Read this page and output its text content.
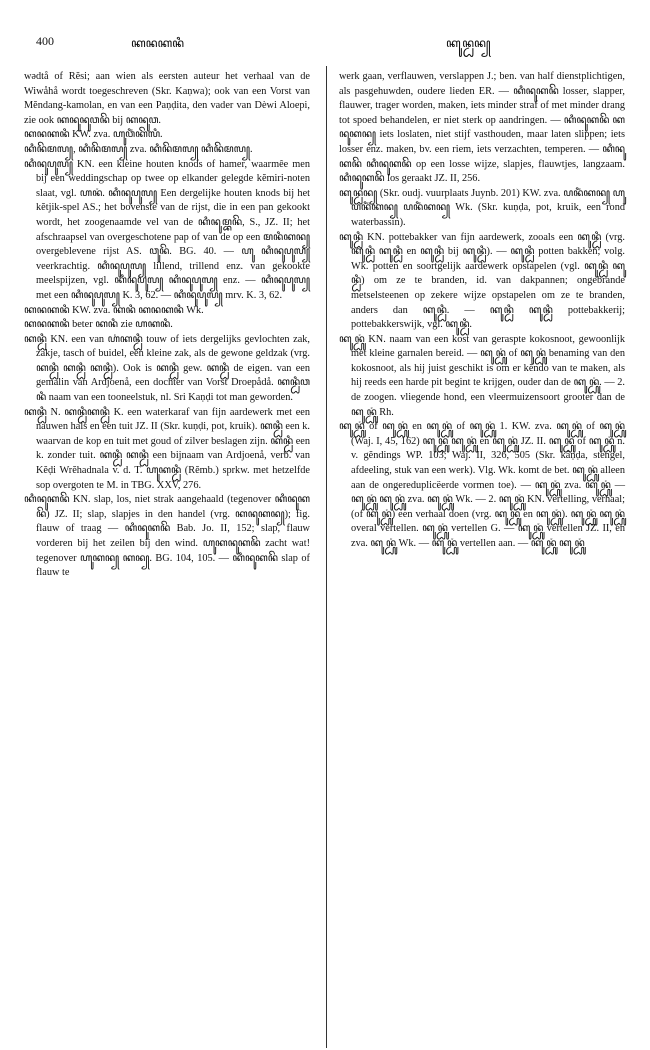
400	ꦏꦤꦏꦤꦶ	ꦏꦸꦤ꧀ꦝꦤ꧀

wədtå of Rĕsi; aan wien als eersten auteur het verhaal van de Wiwåhå wordt toegeschreven (Skr. Kaṇwa); ook van een Vorst van Mĕndang-kamolan, en van een Paṇḍita, den vader van Dèwi Aloepi, zie ook ꦏꦤꦸꦤꦸꦮꦤꦼ bij ꦏꦤꦸꦮ.

ꦏꦤꦏꦤꦶ KW. zva. ꦲꦸꦮꦶꦁꦏꦼꦭꦶ.

ꦏꦶꦤꦼꦩꦭ꧀, ꦏꦶꦤꦼꦩꦭ꧀ zva. ꦏꦶꦤꦼꦩꦭ꧀ ꦏꦶꦤꦼꦩꦭ꧀.

ꦏꦶꦤꦸꦥꦸꦭ꧀ KN. een kleine houten knods of hamer, waarmêe men bij een weddingschap op twee op elkander gelegde kĕmiri-noten slaat, vgl. ꦲꦤꦁ. ꦏꦶꦤꦸꦥꦸꦭ꧀ Een dergelijke houten knods bij het kĕtjik-spel AS.; het bovenste van de rijst, die in een pan gekookt wordt, het zoogenaamde vel van de ꦏꦶꦤꦸꦩ꧀ꦧꦤꦼ, S., JZ. II; het afschraapsel van overgeschotene pap of van de op een ꦩꦤꦶꦏꦤ꧀ overgeblevene rijst AS. ꦮꦸꦤꦼ. BG. 40. — ꦲꦸ ꦏꦶꦤꦸꦥꦸꦭ꧀ veerkrachtig. ꦏꦶꦤꦸꦥꦸꦭ꧀ lillend, trillend enz. van gekookte meelspijzen, vgl. ꦏꦶꦤꦸꦥꦸꦭ꧀ ꦏꦶꦤꦸꦥꦸꦭ꧀ enz. — ꦏꦶꦤꦸꦥꦸꦭ꧀ met een ꦏꦶꦤꦸꦥꦸꦭ꧀ K. 3, 62. — ꦏꦶꦤꦸꦥꦸꦭ꧀ mrv. K. 3, 62.

ꦏꦤꦏꦤꦶ KW. zva. ꦏꦤꦶ ꦏꦤꦏꦤꦶ Wk.

ꦏꦤꦏꦤꦶ beter ꦏꦤꦶ zie ꦲꦏꦤꦶ.

ꦏꦤ꧀ꦝꦶ KN. een van ꦲꦁꦏꦤ꧀ꦝꦶ touw of iets dergelijks gevlochten zak, zakje, tasch of buidel, een kleine zak, als de gewone geldzak (vrg. ꦏꦤ꧀ꦝꦶ ꦏꦤ꧀ꦝꦶ ꦏꦤ꧀ꦝꦶ). Ook is ꦏꦤ꧀ꦝꦶ gew. ꦏꦤ꧀ꦝꦶ de eigen. van een gemalin van Ardjoenå, een dochter van Vorst Droepådå. ꦏꦤ꧀ꦝꦶꦮꦤꦶ naam van een tooneelstuk, nl. Sri Kaṇḍi tot man geworden.

ꦏꦤ꧀ꦝꦶ N. ꦏꦤ꧀ꦝꦶꦏꦤ꧀ꦝꦶ K. een waterkaraf van fijn aardewerk met een nauwen hals en een tuit JZ. II (Skr. kuṇḍi, pot, kruik). ꦏꦤ꧀ꦝꦶ een k. waarvan de kop en tuit met goud of zilver beslagen zijn. ꦏꦤ꧀ꦝꦶ een k. zonder tuit. ꦏꦤ꧀ꦝꦶ ꦏꦤ꧀ꦝꦶ een bijnaam van Ardjoenå, verb. van Kĕḍi Wrĕhadnala v. d. T. ꦲꦸꦏꦤ꧀ꦝꦶ (Rĕmb.) sprkw. met hetzelfde sop overgoten te M. in TBG. XXV, 276.

ꦏꦶꦤꦸꦏꦤꦼ KN. slap, los, niet strak aangehaald (tegenover ꦏꦶꦤꦸꦏꦤꦼ) JZ. II; slap, slapjes in den handel (vrg. ꦏꦤꦸꦏꦤ꧀); fig. flauw of traag — ꦏꦶꦤꦸꦏꦤꦼ Bab. Jo. II, 152; slap, flauw vorderen bij het zeilen bij den wind. ꦲꦸꦏꦤꦸꦏꦤꦼ zacht wat! tegenover ꦲꦸꦏꦤ꧀ ꦏꦤ꧀. BG. 104, 105. — ꦏꦶꦤꦸꦏꦤꦼ slap of flauw te

werk gaan, verflauwen, verslappen J.; ben. van half dienstplichtigen, als pasgehuwden, oudere lieden ER. — ꦏꦶꦤꦸꦏꦤꦼ losser, slapper, flauwer, trager worden, maken, iets minder straf of met minder drang tot spoed behandelen, er niet sterk op aandringen. — ꦏꦶꦤꦸꦏꦤꦼ ꦏꦤꦸꦏꦤ꧀ iets loslaten, niet stijf vasthouden, maar laten slippen; iets losser enz. maken, bv. een riem, iets verzachten, temperen. — ꦏꦶꦤꦸꦏꦤꦼ ꦏꦶꦤꦸꦏꦤꦼ op een losse wijze, slapjes, flauwtjes, langzaam. ꦏꦶꦤꦸꦏꦤꦼ los geraakt JZ. II, 256.

ꦏꦸꦤ꧀ꦝꦤ꧀ (Skr. oudj. vuurplaats Juynb. 201) KW. zva. ꦥꦤꦶꦁꦏꦤ꧀ ꦲꦸꦥꦤꦶꦁꦏꦤ꧀ ꦥꦤꦶꦁꦏꦤ꧀ Wk. (Skr. kuṇḍa, pot, kruik, een rond waterbassin).

ꦏꦸꦤ꧀ꦝꦶ KN. pottebakker van fijn aardewerk, zooals een ꦏꦸꦤ꧀ꦝꦶ (vrg. ꦏꦸꦤ꧀ꦝꦶ ꦏꦸꦤ꧀ꦝꦶ en ꦏꦸꦤ꧀ꦝꦶ bij ꦏꦸꦤ꧀ꦝꦶ). — ꦏꦸꦤ꧀ꦝꦶ potten bakken; volg. Wk. potten en soortgelijk aardewerk opstapelen (vgl. ꦏꦸꦤ꧀ꦝꦶ ꦏꦸꦤ꧀ꦝꦶ) om ze te branden, id. van dakpannen; ongebrande metselsteenen op zekere wijze opstapelen om ze te branden, anders dan ꦏꦸꦤ꧀ꦝꦶ. — ꦏꦸꦤ꧀ꦝꦶ ꦏꦸꦤ꧀ꦝꦶ pottebakkerij; pottebakkerswijk, vgl. ꦏꦸꦤ꧀ꦝꦶ.

ꦏꦸꦤ꧀ꦝꦸꦁ KN. naam van een kost van geraspte kokosnoot, gewoonlijk met kleine garnalen bereid. — ꦏꦸꦤ꧀ꦝꦸꦁ of ꦏꦸꦤ꧀ꦝꦸꦁ benaming van den kokosnoot, als hij juist geschikt is om er kĕndo van te maken, als hij reeds een harde pit begint te krijgen, ouder dan de ꦏꦸꦤ꧀ꦝꦸꦁ. — 2. de zoogen. vliegende hond, een vleermuizensoort grooter dan de ꦏꦸꦤ꧀ꦝꦸꦁ Rh.

ꦏꦸꦤ꧀ꦝꦸꦁ of ꦏꦸꦤ꧀ꦝꦸꦁ en ꦏꦸꦤ꧀ꦝꦸꦁ of ꦏꦸꦤ꧀ꦝꦸꦁ 1. KW. zva. ꦏꦸꦤ꧀ꦝꦸꦁ of ꦏꦸꦤ꧀ꦝꦸꦁ (Waj. I, 45, 162) ꦏꦸꦤ꧀ꦝꦸꦁ ꦏꦸꦤ꧀ꦝꦸꦁ en ꦏꦸꦤ꧀ꦝꦸꦁ JZ. II. ꦏꦸꦤ꧀ꦝꦸꦁ of ꦏꦸꦤ꧀ꦝꦸꦁ n. v. gĕndings WP. 103; Waj. II, 326, 505 (Skr. kâṇḍa, stengel, afdeeling, stuk van een werk). Vlg. Wk. komt de bet. ꦏꦸꦤ꧀ꦝꦸꦁ alleen aan de ongereduplicëerde vormen toe). — ꦏꦸꦤ꧀ꦝꦸꦁ zva. ꦏꦸꦤ꧀ꦝꦸꦁ — ꦏꦸꦤ꧀ꦝꦸꦁ ꦏꦸꦤ꧀ꦝꦸꦁ zva. ꦏꦸꦤ꧀ꦝꦸꦁ Wk. — 2. ꦏꦸꦤ꧀ꦝꦸꦁ KN. vertelling, verhaal; (of ꦏꦸꦤ꧀ꦝꦸꦁ) een verhaal doen (vrg. ꦏꦸꦤ꧀ꦝꦸꦁ en ꦏꦸꦤ꧀ꦝꦸꦁ). ꦏꦸꦤ꧀ꦝꦸꦁ ꦏꦸꦤ꧀ꦝꦸꦁ overal vertellen. ꦏꦸꦤ꧀ꦝꦸꦁ vertellen G. — ꦏꦸꦤ꧀ꦝꦸꦁ vertellen JZ. II, en zva. ꦏꦸꦤ꧀ꦝꦸꦁ Wk. — ꦏꦸꦤ꧀ꦝꦸꦁ vertellen aan. — ꦏꦸꦤ꧀ꦝꦸꦁ ꦏꦸꦤ꧀ꦝꦸꦁ
